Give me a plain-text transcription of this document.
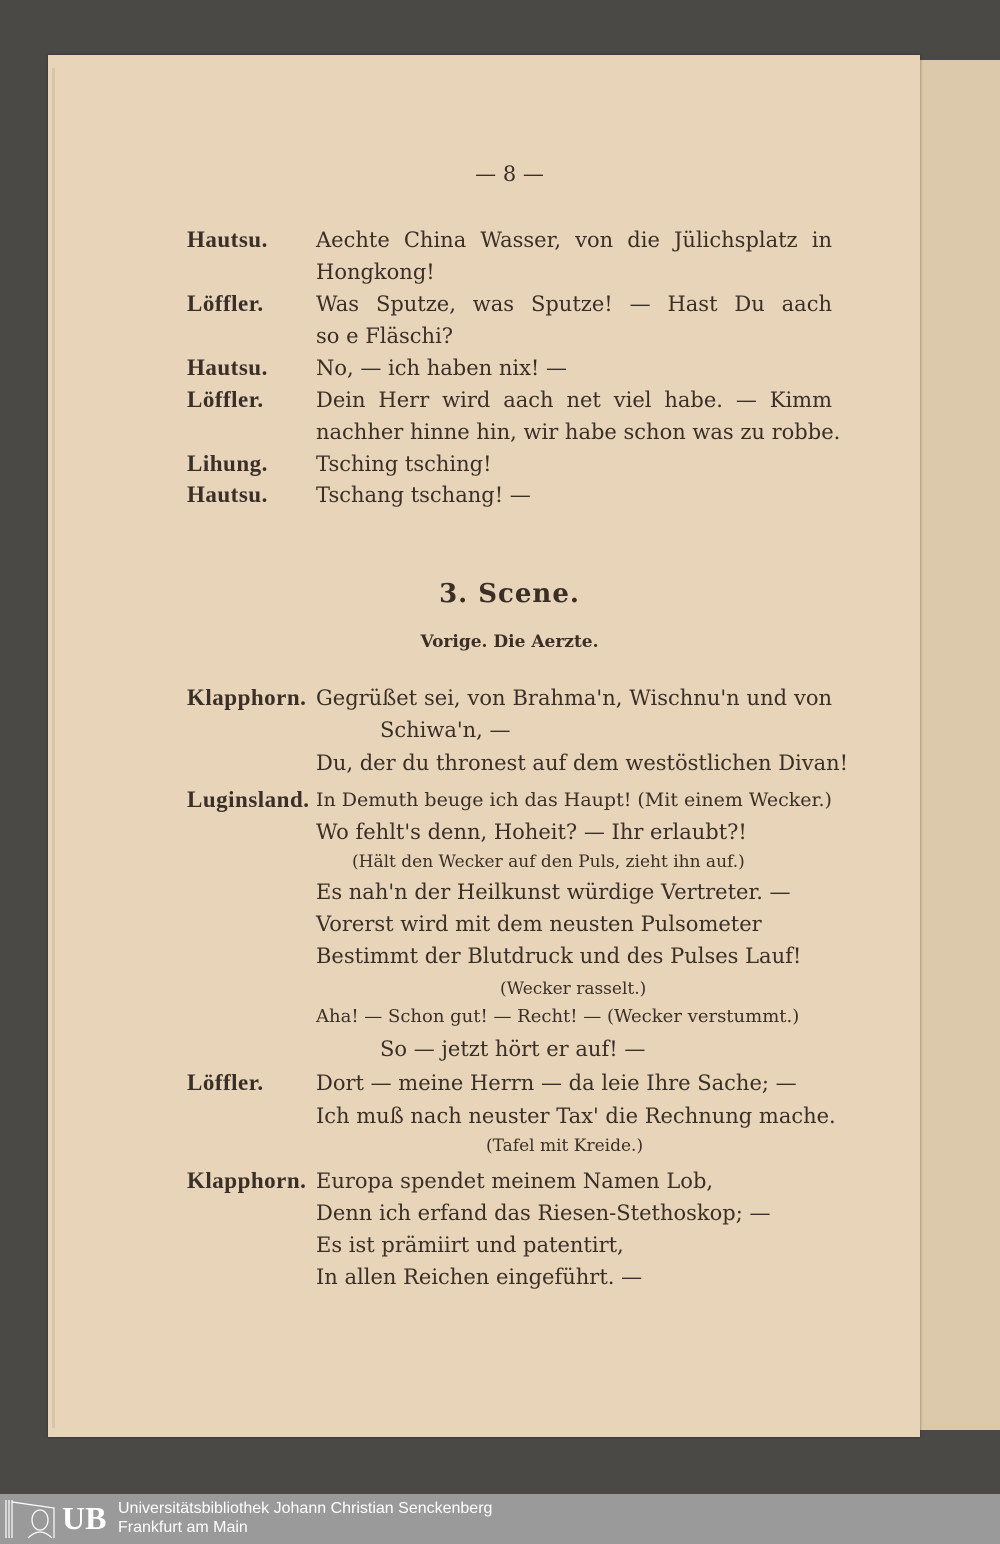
— 8 —
Hautsu. Aechte China Wasser, von die Jülichsplatz in
Hongkong!
Löffler. Was Sputze, was Sputze! — Hast Du aach
so e Fläschi?
Hautsu. No, — ich haben nix! —
Löffler. Dein Herr wird aach net viel habe. — Kimm
nachher hinne hin, wir habe schon was zu robbe.
Lihung. Tsching tsching!
Hautsu. Tschang tschang! —
3. Scene.
Vorige. Die Aerzte.
Klapphorn. Gegrüßet sei, von Brahma'n, Wischnu'n und von
Schiwa'n, —
Du, der du thronest auf dem westöstlichen Divan!
Luginsland. In Demuth beuge ich das Haupt! (Mit einem Wecker.)
Wo fehlt's denn, Hoheit? — Ihr erlaubt?!
(Hält den Wecker auf den Puls, zieht ihn auf.)
Es nah'n der Heilkunst würdige Vertreter. —
Vorerst wird mit dem neusten Pulsometer
Bestimmt der Blutdruck und des Pulses Lauf!
(Wecker rasselt.)
Aha! — Schon gut! — Recht! — (Wecker verstummt.)
So — jetzt hört er auf! —
Löffler. Dort — meine Herrn — da leie Ihre Sache; —
Ich muß nach neuster Tax' die Rechnung mache.
(Tafel mit Kreide.)
Klapphorn. Europa spendet meinem Namen Lob,
Denn ich erfand das Riesen-Stethoskop; —
Es ist prämiirt und patentirt,
In allen Reichen eingeführt. —
UB Universitätsbibliothek Johann Christian Senckenberg
Frankfurt am Main
